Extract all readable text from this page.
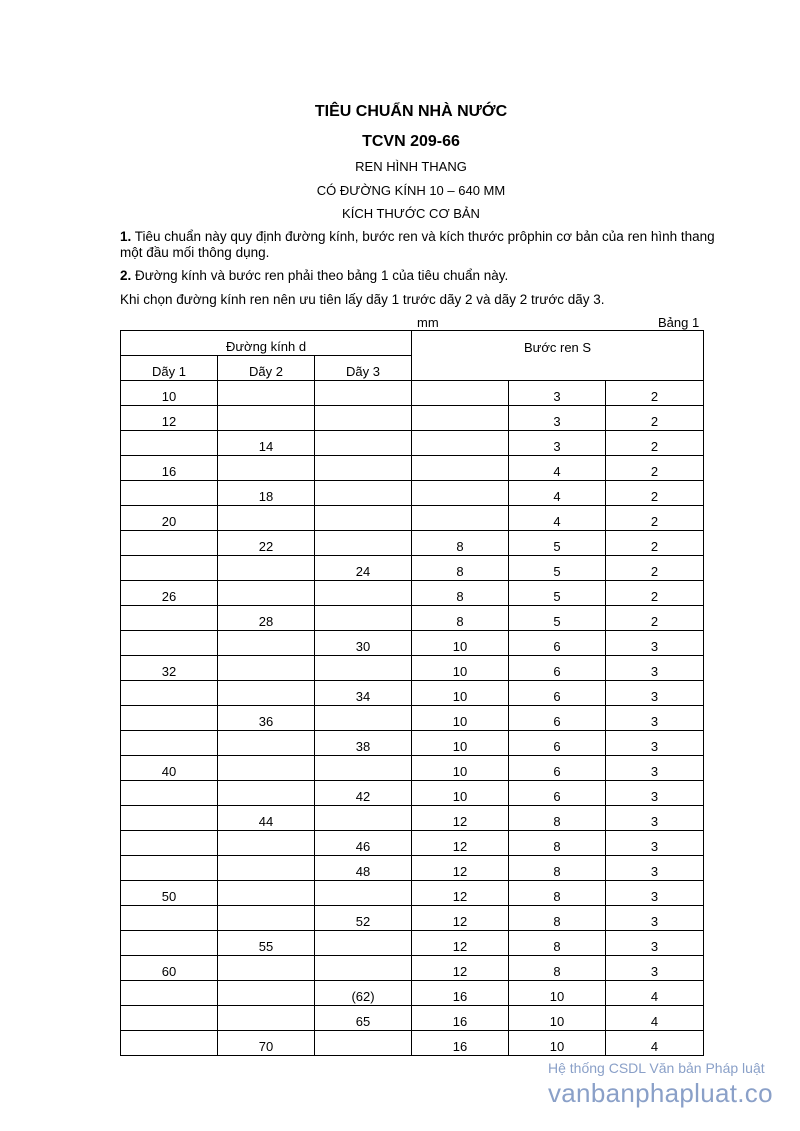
TIÊU CHUẨN NHÀ NƯỚC
TCVN 209-66
REN HÌNH THANG
CÓ ĐƯỜNG KÍNH 10 – 640 MM
KÍCH THƯỚC CƠ BẢN
1. Tiêu chuẩn này quy định đường kính, bước ren và kích thước prôphin cơ bản của ren hình thang một đầu mối thông dụng.
2. Đường kính và bước ren phải theo bảng 1 của tiêu chuẩn này.
Khi chọn đường kính ren nên ưu tiên lấy dãy 1 trước dãy 2 và dãy 2 trước dãy 3.
mm	Bảng 1
Đường kính d			Bước ren S		
Dãy 1	Dãy 2	Dãy 3			
10				3	2
12				3	2
	14			3	2
16				4	2
	18			4	2
20				4	2
	22		8	5	2
		24	8	5	2
26			8	5	2
	28		8	5	2
		30	10	6	3
32			10	6	3
		34	10	6	3
	36		10	6	3
		38	10	6	3
40			10	6	3
		42	10	6	3
	44		12	8	3
		46	12	8	3
		48	12	8	3
50			12	8	3
		52	12	8	3
	55		12	8	3
60			12	8	3
		(62)	16	10	4
		65	16	10	4
	70		16	10	4
Hệ thống CSDL Văn bản Pháp luật
vanbanphapluat.co
